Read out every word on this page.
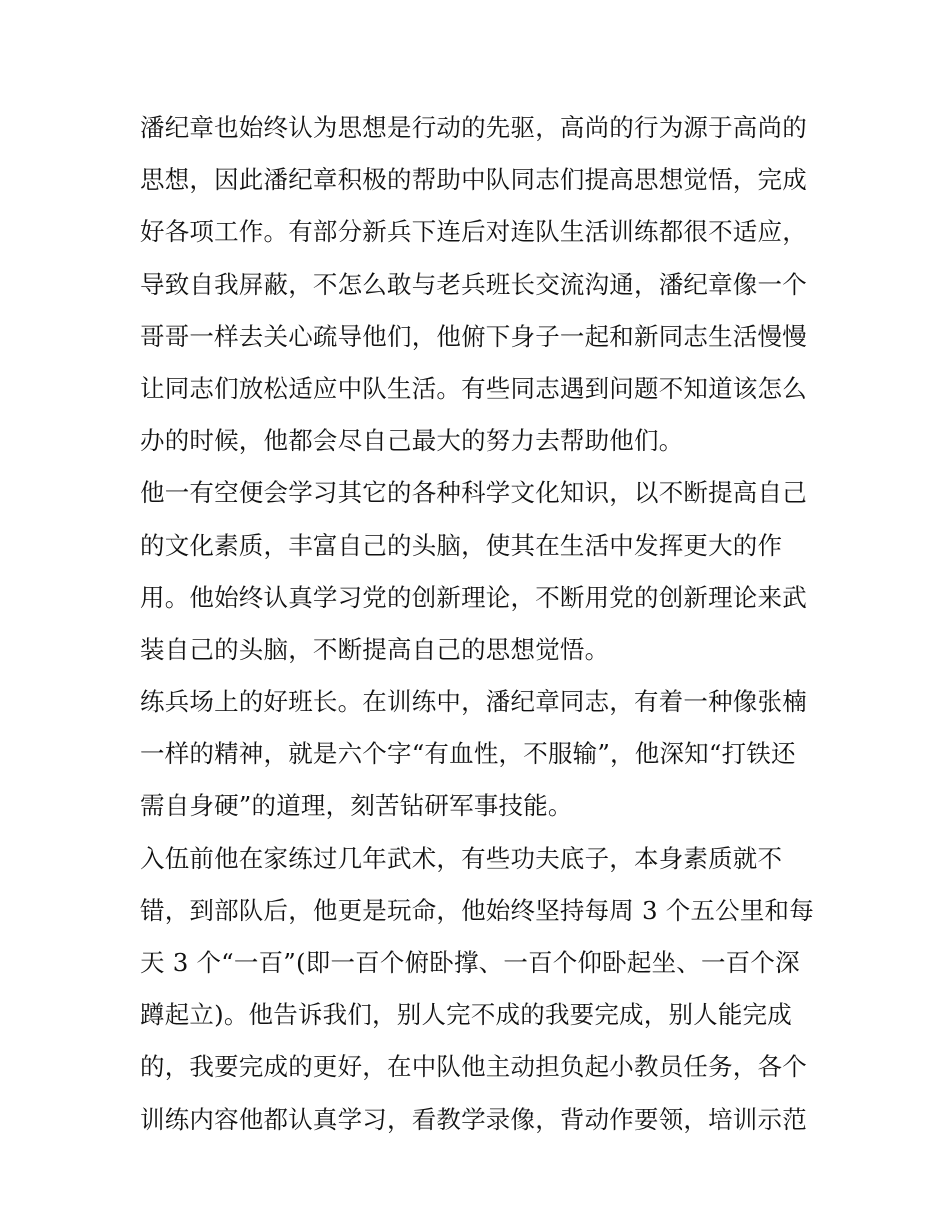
潘纪章也始终认为思想是行动的先驱，高尚的行为源于高尚的
思想，因此潘纪章积极的帮助中队同志们提高思想觉悟，完成
好各项工作。有部分新兵下连后对连队生活训练都很不适应，
导致自我屏蔽，不怎么敢与老兵班长交流沟通，潘纪章像一个
哥哥一样去关心疏导他们，他俯下身子一起和新同志生活慢慢
让同志们放松适应中队生活。有些同志遇到问题不知道该怎么
办的时候，他都会尽自己最大的努力去帮助他们。
他一有空便会学习其它的各种科学文化知识，以不断提高自己
的文化素质，丰富自己的头脑，使其在生活中发挥更大的作
用。他始终认真学习党的创新理论，不断用党的创新理论来武
装自己的头脑，不断提高自己的思想觉悟。
练兵场上的好班长。在训练中，潘纪章同志，有着一种像张楠
一样的精神，就是六个字“有血性，不服输”，他深知“打铁还
需自身硬”的道理，刻苦钻研军事技能。
入伍前他在家练过几年武术，有些功夫底子，本身素质就不
错，到部队后，他更是玩命，他始终坚持每周 3 个五公里和每
天 3 个“一百”(即一百个俯卧撑、一百个仰卧起坐、一百个深
蹲起立)。他告诉我们，别人完不成的我要完成，别人能完成
的，我要完成的更好，在中队他主动担负起小教员任务，各个
训练内容他都认真学习，看教学录像，背动作要领，培训示范
